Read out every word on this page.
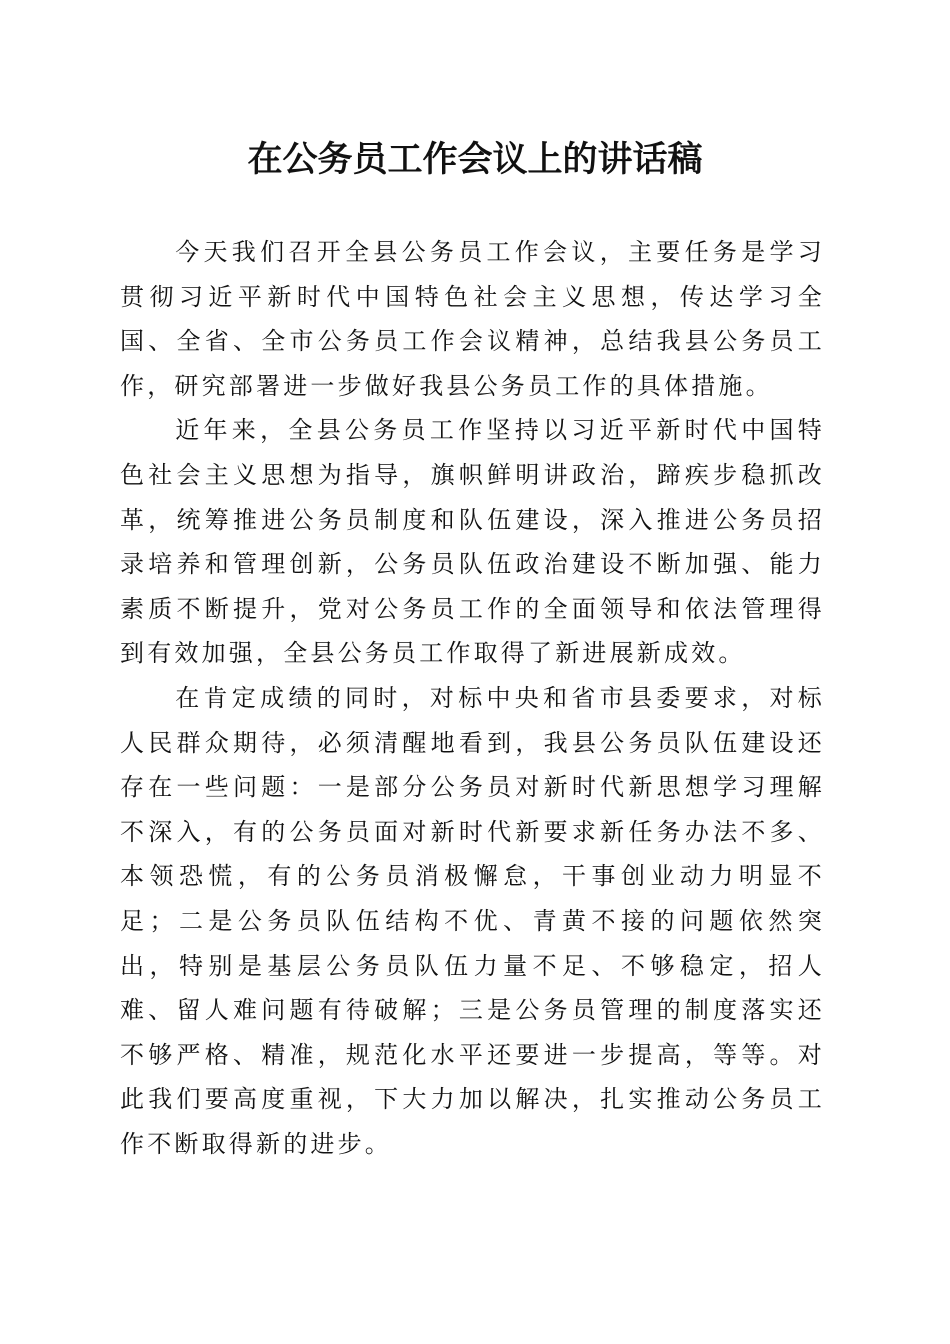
在公务员工作会议上的讲话稿

今天我们召开全县公务员工作会议，主要任务是学习贯彻习近平新时代中国特色社会主义思想，传达学习全国、全省、全市公务员工作会议精神，总结我县公务员工作，研究部署进一步做好我县公务员工作的具体措施。

近年来，全县公务员工作坚持以习近平新时代中国特色社会主义思想为指导，旗帜鲜明讲政治，蹄疾步稳抓改革，统筹推进公务员制度和队伍建设，深入推进公务员招录培养和管理创新，公务员队伍政治建设不断加强、能力素质不断提升，党对公务员工作的全面领导和依法管理得到有效加强，全县公务员工作取得了新进展新成效。

在肯定成绩的同时，对标中央和省市县委要求，对标人民群众期待，必须清醒地看到，我县公务员队伍建设还存在一些问题：一是部分公务员对新时代新思想学习理解不深入，有的公务员面对新时代新要求新任务办法不多、本领恐慌，有的公务员消极懈怠，干事创业动力明显不足；二是公务员队伍结构不优、青黄不接的问题依然突出，特别是基层公务员队伍力量不足、不够稳定，招人难、留人难问题有待破解；三是公务员管理的制度落实还不够严格、精准，规范化水平还要进一步提高，等等。对此我们要高度重视，下大力加以解决，扎实推动公务员工作不断取得新的进步。
